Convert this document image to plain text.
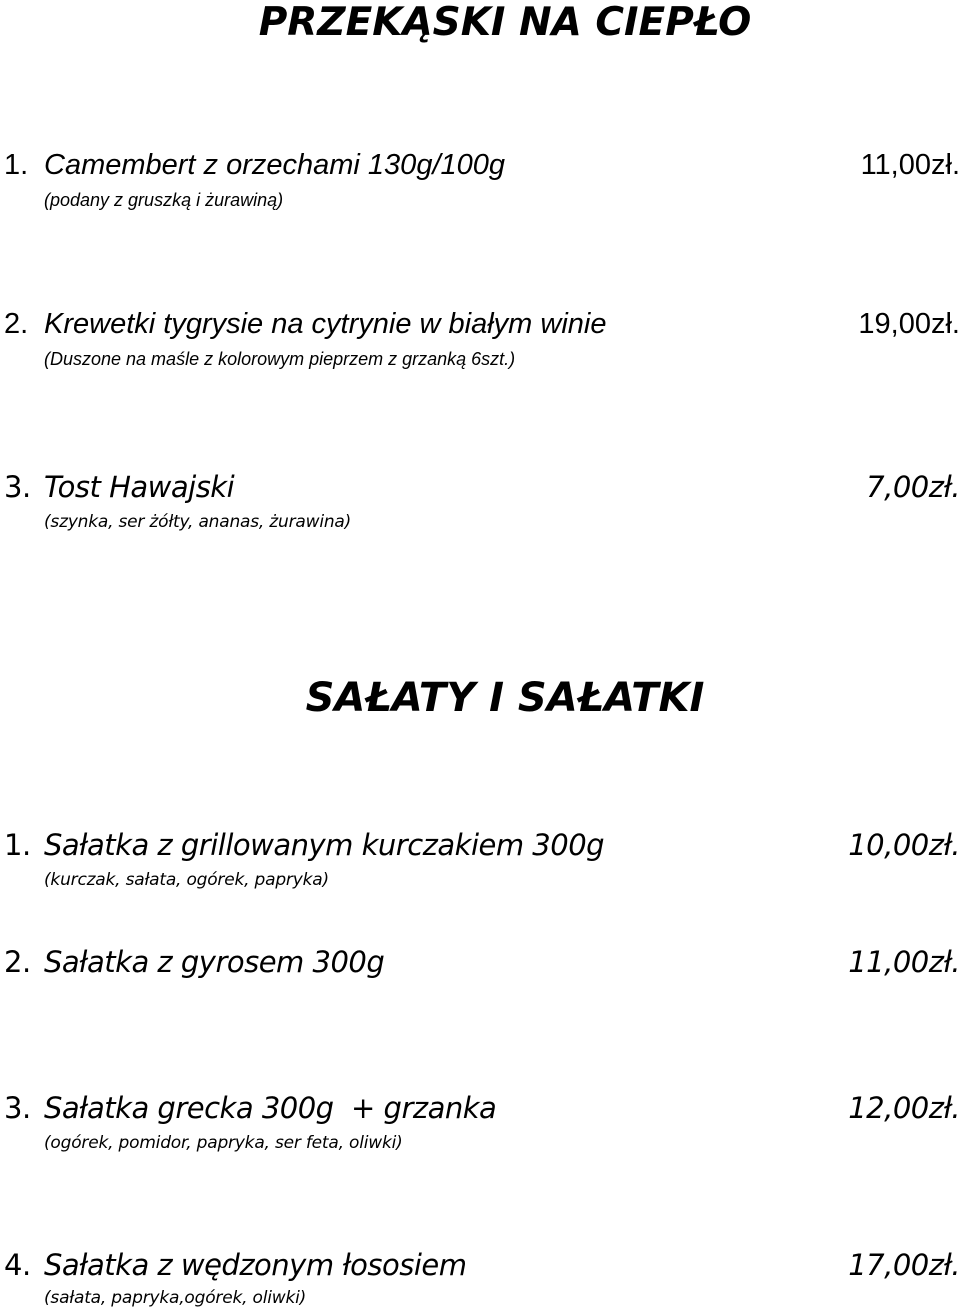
PRZEKĄSKI NA CIEPŁO
1. Camembert z orzechami 130g/100g	11,00zł.
(podany z gruszką i żurawiną)
2. Krewetki tygrysie na cytrynie w białym winie	19,00zł.
(Duszone na maśle z kolorowym pieprzem z grzanką 6szt.)
3. Tost Hawajski	7,00zł.
(szynka, ser żółty, ananas, żurawina)
SAŁATY I SAŁATKI
1. Sałatka z grillowanym kurczakiem 300g	10,00zł.
(kurczak, sałata, ogórek, papryka)
2. Sałatka z gyrosem 300g	11,00zł.
3. Sałatka grecka 300g  + grzanka	12,00zł.
(ogórek, pomidor, papryka, ser feta, oliwki)
4. Sałatka z wędzonym łososiem	17,00zł.
(sałata, papryka,ogórek, oliwki)
